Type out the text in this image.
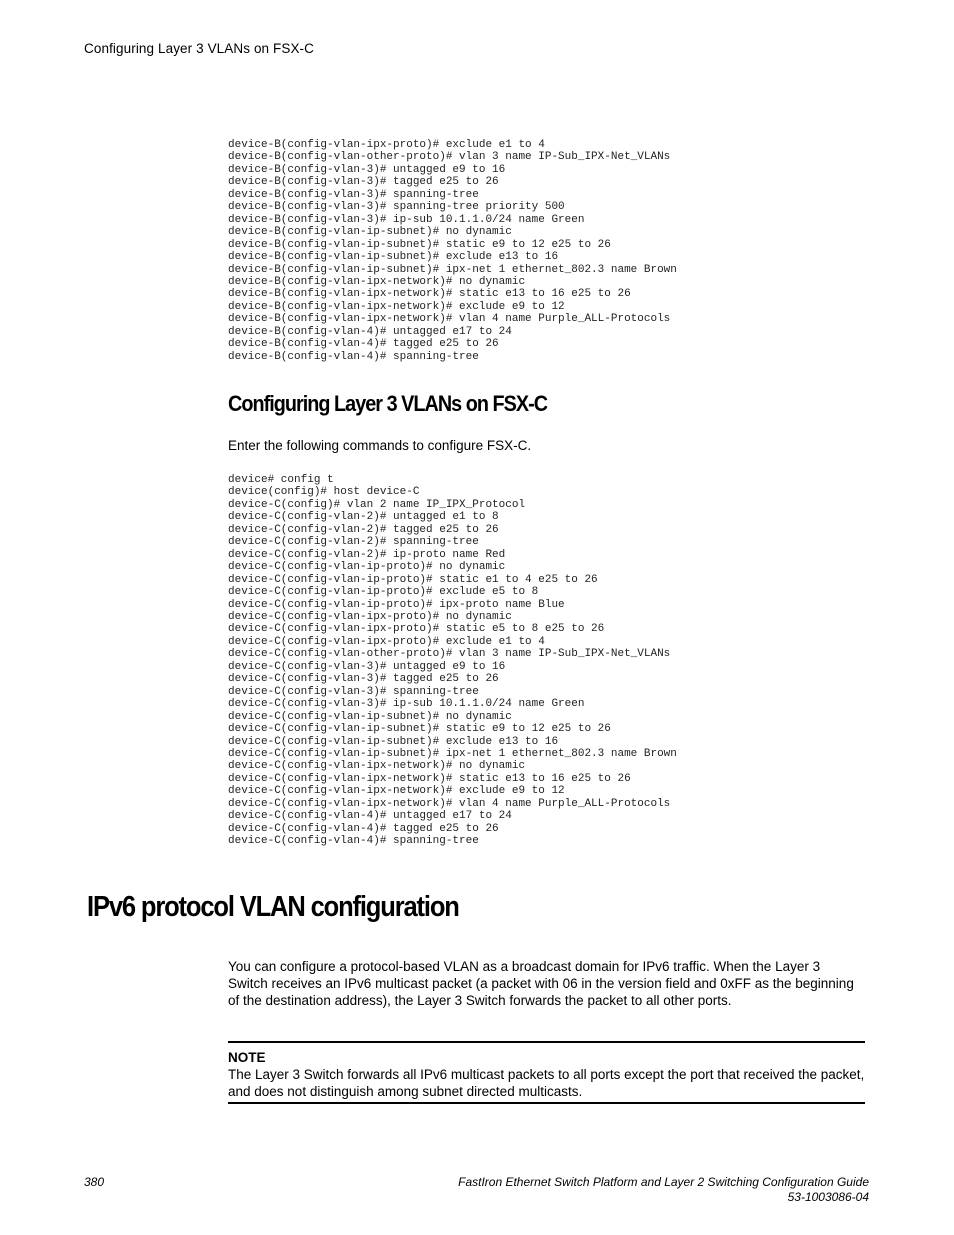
Configuring Layer 3 VLANs on FSX-C
device-B(config-vlan-ipx-proto)# exclude e1 to 4
device-B(config-vlan-other-proto)# vlan 3 name IP-Sub_IPX-Net_VLANs
device-B(config-vlan-3)# untagged e9 to 16
device-B(config-vlan-3)# tagged e25 to 26
device-B(config-vlan-3)# spanning-tree
device-B(config-vlan-3)# spanning-tree priority 500
device-B(config-vlan-3)# ip-sub 10.1.1.0/24 name Green
device-B(config-vlan-ip-subnet)# no dynamic
device-B(config-vlan-ip-subnet)# static e9 to 12 e25 to 26
device-B(config-vlan-ip-subnet)# exclude e13 to 16
device-B(config-vlan-ip-subnet)# ipx-net 1 ethernet_802.3 name Brown
device-B(config-vlan-ipx-network)# no dynamic
device-B(config-vlan-ipx-network)# static e13 to 16 e25 to 26
device-B(config-vlan-ipx-network)# exclude e9 to 12
device-B(config-vlan-ipx-network)# vlan 4 name Purple_ALL-Protocols
device-B(config-vlan-4)# untagged e17 to 24
device-B(config-vlan-4)# tagged e25 to 26
device-B(config-vlan-4)# spanning-tree
Configuring Layer 3 VLANs on FSX-C

Enter the following commands to configure FSX-C.

device# config t
device(config)# host device-C
device-C(config)# vlan 2 name IP_IPX_Protocol
device-C(config-vlan-2)# untagged e1 to 8
device-C(config-vlan-2)# tagged e25 to 26
device-C(config-vlan-2)# spanning-tree
device-C(config-vlan-2)# ip-proto name Red
device-C(config-vlan-ip-proto)# no dynamic
device-C(config-vlan-ip-proto)# static e1 to 4 e25 to 26
device-C(config-vlan-ip-proto)# exclude e5 to 8
device-C(config-vlan-ip-proto)# ipx-proto name Blue
device-C(config-vlan-ipx-proto)# no dynamic
device-C(config-vlan-ipx-proto)# static e5 to 8 e25 to 26
device-C(config-vlan-ipx-proto)# exclude e1 to 4
device-C(config-vlan-other-proto)# vlan 3 name IP-Sub_IPX-Net_VLANs
device-C(config-vlan-3)# untagged e9 to 16
device-C(config-vlan-3)# tagged e25 to 26
device-C(config-vlan-3)# spanning-tree
device-C(config-vlan-3)# ip-sub 10.1.1.0/24 name Green
device-C(config-vlan-ip-subnet)# no dynamic
device-C(config-vlan-ip-subnet)# static e9 to 12 e25 to 26
device-C(config-vlan-ip-subnet)# exclude e13 to 16
device-C(config-vlan-ip-subnet)# ipx-net 1 ethernet_802.3 name Brown
device-C(config-vlan-ipx-network)# no dynamic
device-C(config-vlan-ipx-network)# static e13 to 16 e25 to 26
device-C(config-vlan-ipx-network)# exclude e9 to 12
device-C(config-vlan-ipx-network)# vlan 4 name Purple_ALL-Protocols
device-C(config-vlan-4)# untagged e17 to 24
device-C(config-vlan-4)# tagged e25 to 26
device-C(config-vlan-4)# spanning-tree
IPv6 protocol VLAN configuration

You can configure a protocol-based VLAN as a broadcast domain for IPv6 traffic. When the Layer 3 Switch receives an IPv6 multicast packet (a packet with 06 in the version field and 0xFF as the beginning of the destination address), the Layer 3 Switch forwards the packet to all other ports.

NOTE

The Layer 3 Switch forwards all IPv6 multicast packets to all ports except the port that received the packet, and does not distinguish among subnet directed multicasts.

380	FastIron Ethernet Switch Platform and Layer 2 Switching Configuration Guide
53-1003086-04
